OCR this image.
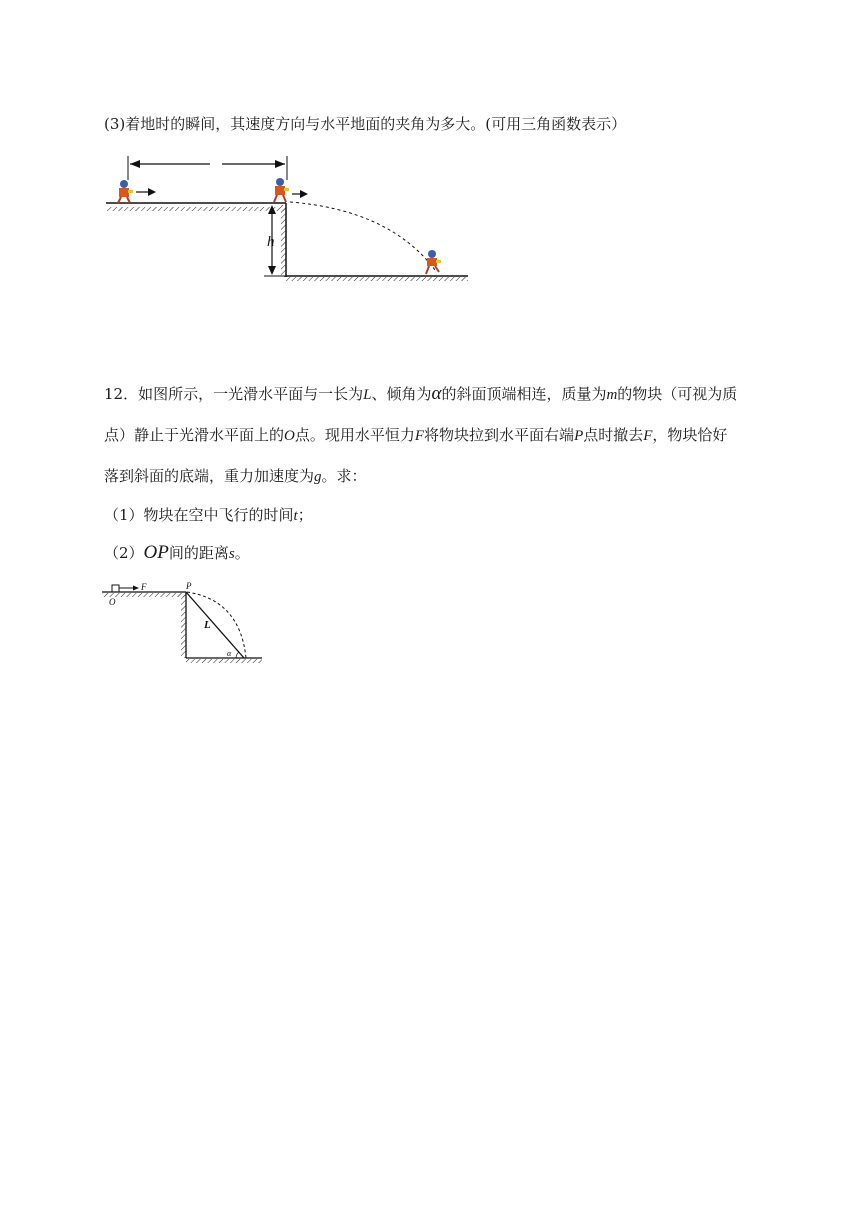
(3)着地时的瞬间，其速度方向与水平地面的夹角为多大。(可用三角函数表示）
h
12．如图所示，一光滑水平面与一长为L、倾角为α的斜面顶端相连，质量为m的物块（可视为质
点）静止于光滑水平面上的O点。现用水平恒力F将物块拉到水平面右端P点时撤去F，物块恰好
落到斜面的底端，重力加速度为g。求：
（1）物块在空中飞行的时间t；
（2）OP间的距离s。
F
O
P
L
α
